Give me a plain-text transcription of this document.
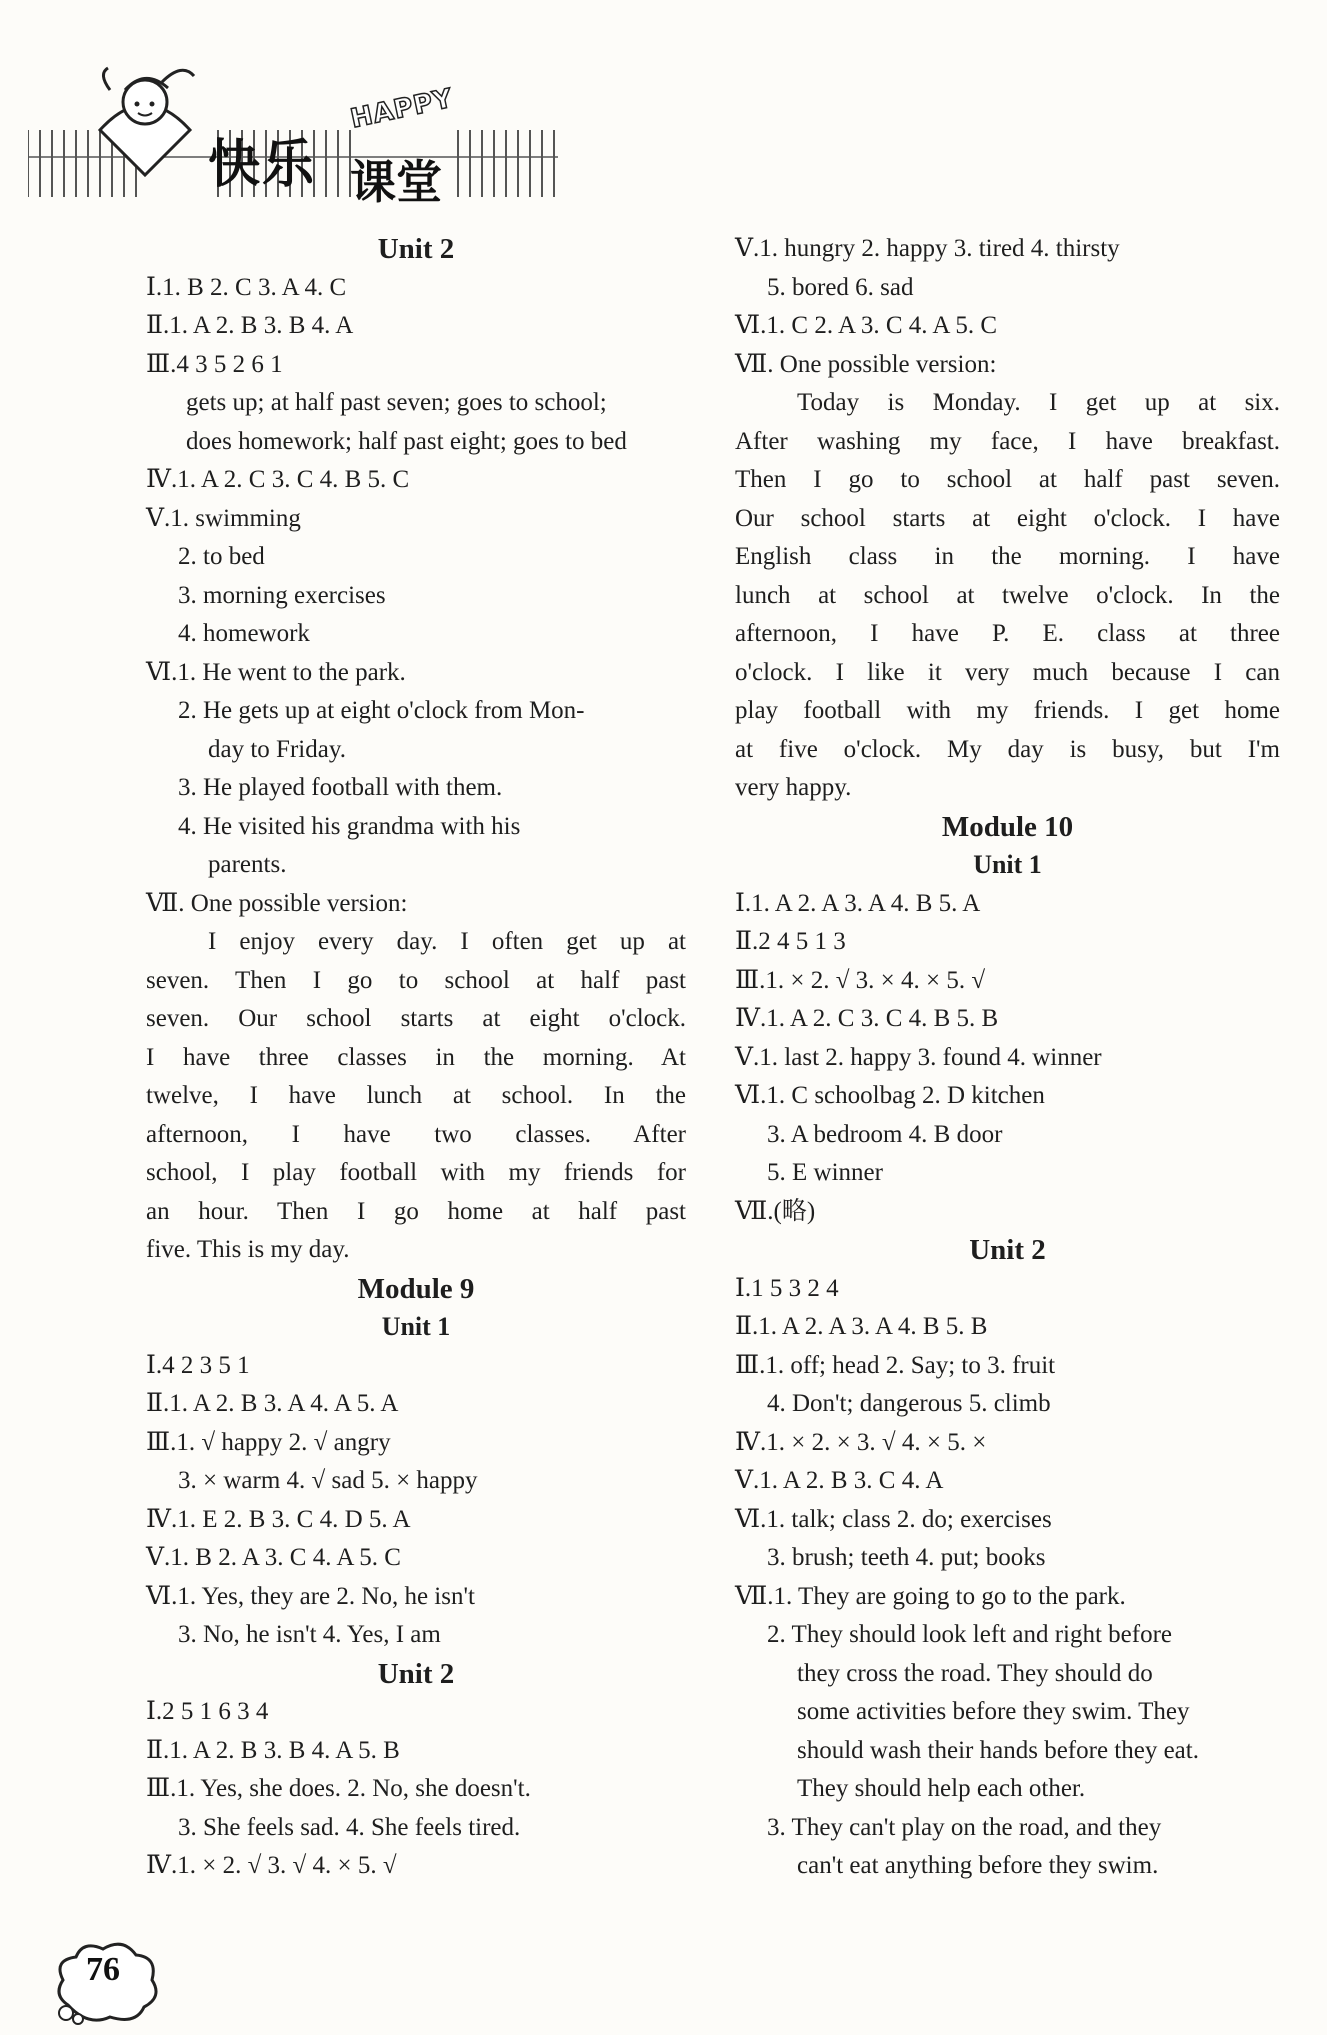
快乐
HAPPY
课堂
Unit 2
Ⅰ.1. B 2. C 3. A 4. C
Ⅱ.1. A 2. B 3. B 4. A
Ⅲ.4 3 5 2 6 1
gets up; at half past seven; goes to school;
does homework; half past eight; goes to bed
Ⅳ.1. A 2. C 3. C 4. B 5. C
Ⅴ.1. swimming
2. to bed
3. morning exercises
4. homework
Ⅵ.1. He went to the park.
2. He gets up at eight o'clock from Mon-
day to Friday.
3. He played football with them.
4. He visited his grandma with his
parents.
Ⅶ. One possible version:
I enjoy every day. I often get up at
seven. Then I go to school at half past
seven. Our school starts at eight o'clock.
I have three classes in the morning. At
twelve, I have lunch at school. In the
afternoon, I have two classes. After
school, I play football with my friends for
an hour. Then I go home at half past
five. This is my day.
Module 9
Unit 1
Ⅰ.4 2 3 5 1
Ⅱ.1. A 2. B 3. A 4. A 5. A
Ⅲ.1. √ happy 2. √ angry
3. × warm 4. √ sad 5. × happy
Ⅳ.1. E 2. B 3. C 4. D 5. A
Ⅴ.1. B 2. A 3. C 4. A 5. C
Ⅵ.1. Yes, they are 2. No, he isn't
3. No, he isn't 4. Yes, I am
Unit 2
Ⅰ.2 5 1 6 3 4
Ⅱ.1. A 2. B 3. B 4. A 5. B
Ⅲ.1. Yes, she does. 2. No, she doesn't.
3. She feels sad. 4. She feels tired.
Ⅳ.1. × 2. √ 3. √ 4. × 5. √
Ⅴ.1. hungry 2. happy 3. tired 4. thirsty
5. bored 6. sad
Ⅵ.1. C 2. A 3. C 4. A 5. C
Ⅶ. One possible version:
Today is Monday. I get up at six.
After washing my face, I have breakfast.
Then I go to school at half past seven.
Our school starts at eight o'clock. I have
English class in the morning. I have
lunch at school at twelve o'clock. In the
afternoon, I have P. E. class at three
o'clock. I like it very much because I can
play football with my friends. I get home
at five o'clock. My day is busy, but I'm
very happy.
Module 10
Unit 1
Ⅰ.1. A 2. A 3. A 4. B 5. A
Ⅱ.2 4 5 1 3
Ⅲ.1. × 2. √ 3. × 4. × 5. √
Ⅳ.1. A 2. C 3. C 4. B 5. B
Ⅴ.1. last 2. happy 3. found 4. winner
Ⅵ.1. C schoolbag 2. D kitchen
3. A bedroom 4. B door
5. E winner
Ⅶ.(略)
Unit 2
Ⅰ.1 5 3 2 4
Ⅱ.1. A 2. A 3. A 4. B 5. B
Ⅲ.1. off; head 2. Say; to 3. fruit
4. Don't; dangerous 5. climb
Ⅳ.1. × 2. × 3. √ 4. × 5. ×
Ⅴ.1. A 2. B 3. C 4. A
Ⅵ.1. talk; class 2. do; exercises
3. brush; teeth 4. put; books
Ⅶ.1. They are going to go to the park.
2. They should look left and right before
they cross the road. They should do
some activities before they swim. They
should wash their hands before they eat.
They should help each other.
3. They can't play on the road, and they
can't eat anything before they swim.
76
